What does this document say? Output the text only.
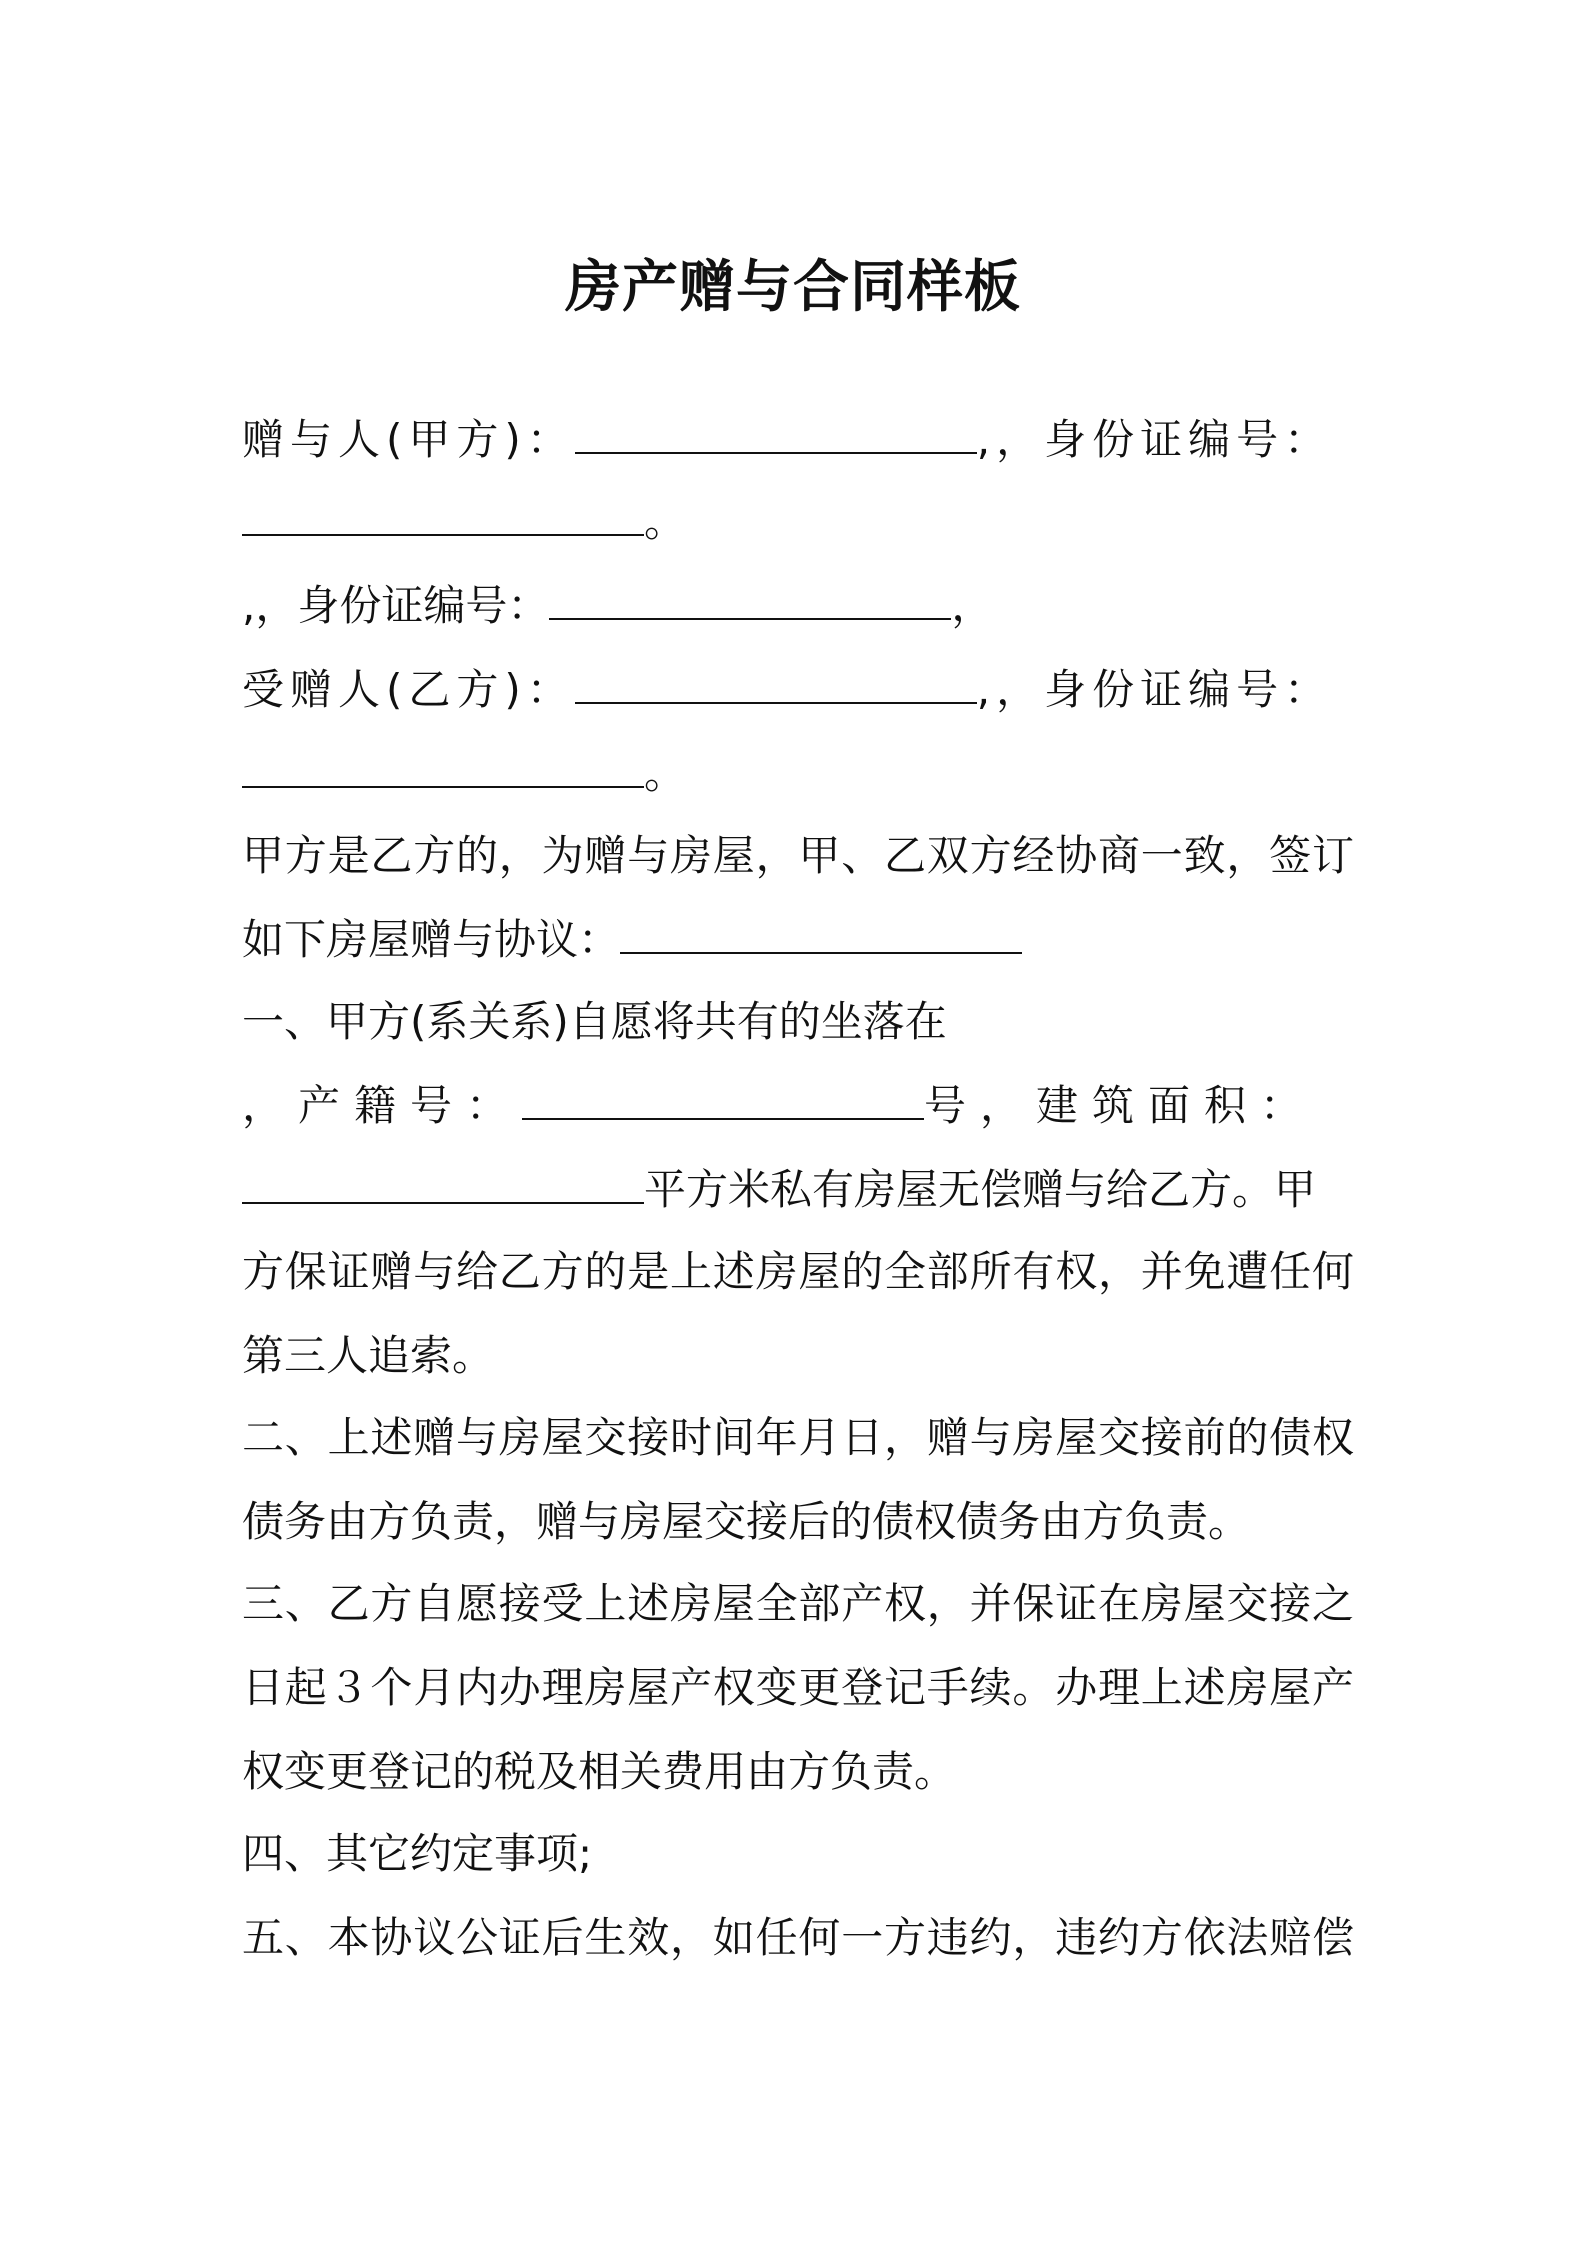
房产赠与合同样板
赠与人(甲方)：	,，身份证编号：
。
,，身份证编号：	，
受赠人(乙方)：	,，身份证编号：
。
甲方是乙方的，为赠与房屋，甲、乙双方经协商一致，签订
如下房屋赠与协议：
一、甲方(系关系)自愿将共有的坐落在
，产籍号：	号，建筑面积：
平方米私有房屋无偿赠与给乙方。甲
方保证赠与给乙方的是上述房屋的全部所有权，并免遭任何
第三人追索。
二、上述赠与房屋交接时间年月日，赠与房屋交接前的债权
债务由方负责，赠与房屋交接后的债权债务由方负责。
三、乙方自愿接受上述房屋全部产权，并保证在房屋交接之
日起３个月内办理房屋产权变更登记手续。办理上述房屋产
权变更登记的税及相关费用由方负责。
四、其它约定事项;
五、本协议公证后生效，如任何一方违约，违约方依法赔偿
